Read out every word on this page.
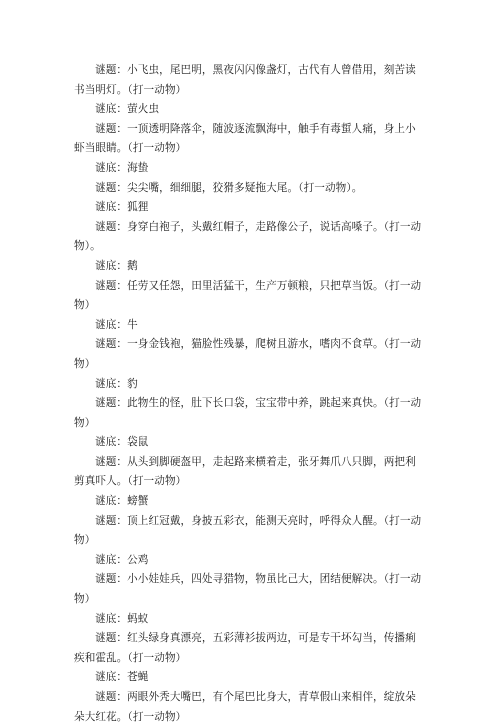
谜题：小飞虫，尾巴明，黑夜闪闪像盏灯，古代有人曾借用，刻苦读书当明灯。（打一动物）

谜底：萤火虫

谜题：一顶透明降落伞，随波逐流飘海中，触手有毒蜇人痛，身上小虾当眼睛。（打一动物）

谜底：海蛰

谜题：尖尖嘴，细细腿，狡猾多疑拖大尾。（打一动物）。

谜底：狐狸

谜题：身穿白袍子，头戴红帽子，走路像公子，说话高嗓子。（打一动物）。

谜底：鹅

谜题：任劳又任怨，田里活猛干，生产万顿粮，只把草当饭。（打一动物）

谜底：牛

谜题：一身金钱袍，猫脸性残暴，爬树且游水，嗜肉不食草。（打一动物）

谜底：豹

谜题：此物生的怪，肚下长口袋，宝宝带中养，跳起来真快。（打一动物）

谜底：袋鼠

谜题：从头到脚硬盔甲，走起路来横着走，张牙舞爪八只脚，两把利剪真吓人。（打一动物）

谜底：螃蟹

谜题：顶上红冠戴，身披五彩衣，能测天亮时，呼得众人醒。（打一动物）

谜底：公鸡

谜题：小小娃娃兵，四处寻猎物，物虽比己大，团结便解决。（打一动物）

谜底：蚂蚁

谜题：红头绿身真漂亮，五彩薄衫拔两边，可是专干坏勾当，传播痢疾和霍乱。（打一动物）

谜底：苍蝇

谜题：两眼外秃大嘴巴，有个尾巴比身大，青草假山来相伴，绽放朵朵大红花。（打一动物）
